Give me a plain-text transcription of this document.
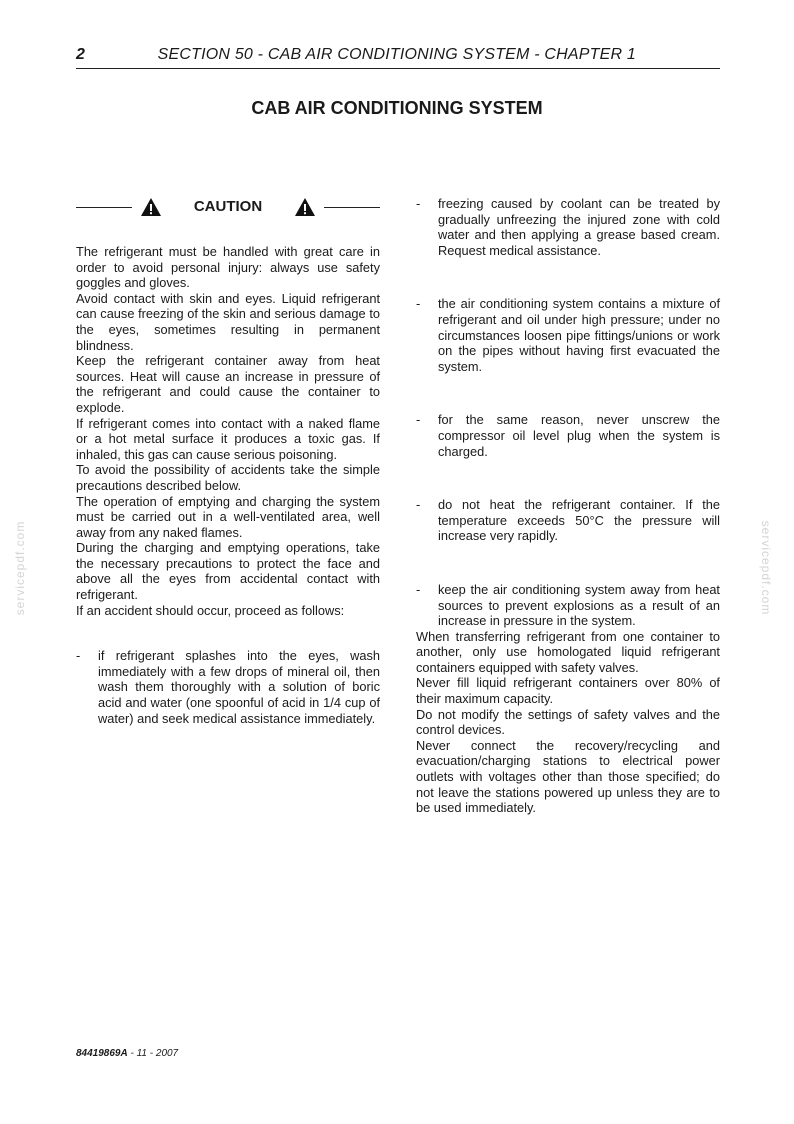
2	SECTION 50 - CAB AIR CONDITIONING SYSTEM - CHAPTER 1
CAB AIR CONDITIONING SYSTEM
servicepdf.com	servicepdf.com
CAUTION

The refrigerant must be handled with great care in order to avoid personal injury: always use safety goggles and gloves.

Avoid contact with skin and eyes. Liquid refrigerant can cause freezing of the skin and serious damage to the eyes, sometimes resulting in permanent blindness.

Keep the refrigerant container away from heat sources. Heat will cause an increase in pressure of the refrigerant and could cause the container to explode.

If refrigerant comes into contact with a naked flame or a hot metal surface it produces a toxic gas. If inhaled, this gas can cause serious poisoning.

To avoid the possibility of accidents take the simple precautions described below.

The operation of emptying and charging the system must be carried out in a well-ventilated area, well away from any naked flames.

During the charging and emptying operations, take the necessary precautions to protect the face and above all the eyes from accidental contact with refrigerant.

If an accident should occur, proceed as follows:

-	if refrigerant splashes into the eyes, wash immediately with a few drops of mineral oil, then wash them thoroughly with a solution of boric acid and water (one spoonful of acid in 1/4 cup of water) and seek medical assistance immediately.
-	freezing caused by coolant can be treated by gradually unfreezing the injured zone with cold water and then applying a grease based cream. Request medical assistance.
-	the air conditioning system contains a mixture of refrigerant and oil under high pressure; under no circumstances loosen pipe fittings/unions or work on the pipes without having first evacuated the system.
-	for the same reason, never unscrew the compressor oil level plug when the system is charged.
-	do not heat the refrigerant container. If the temperature exceeds 50°C the pressure will increase very rapidly.
-	keep the air conditioning system away from heat sources to prevent explosions as a result of an increase in pressure in the system.

When transferring refrigerant from one container to another, only use homologated liquid refrigerant containers equipped with safety valves.

Never fill liquid refrigerant containers over 80% of their maximum capacity.

Do not modify the settings of safety valves and the control devices.

Never connect the recovery/recycling and evacuation/charging stations to electrical power outlets with voltages other than those specified; do not leave the stations powered up unless they are to be used immediately.

84419869A - 11 - 2007
